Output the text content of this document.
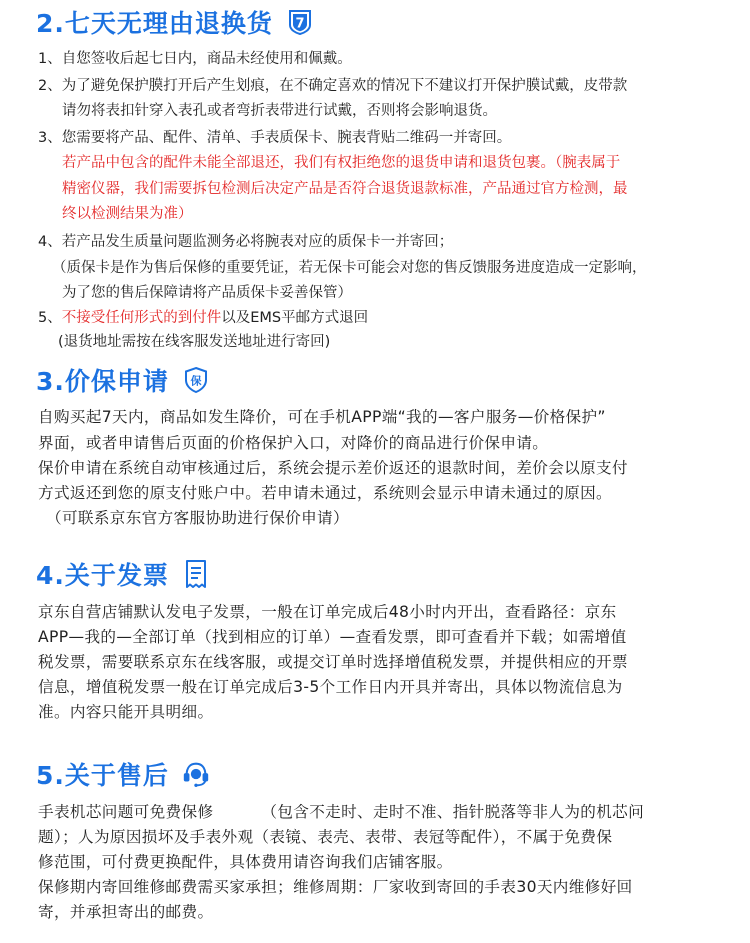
2.七天无理由退换货 7
1、自您签收后起七日内，商品未经使用和佩戴。
2、为了避免保护膜打开后产生划痕，在不确定喜欢的情况下不建议打开保护膜试戴，皮带款
请勿将表扣针穿入表孔或者弯折表带进行试戴，否则将会影响退货。
3、您需要将产品、配件、清单、手表质保卡、腕表背贴二维码一并寄回。
若产品中包含的配件未能全部退还，我们有权拒绝您的退货申请和退货包裹。（腕表属于
精密仪器，我们需要拆包检测后决定产品是否符合退货退款标准，产品通过官方检测，最
终以检测结果为准）
4、若产品发生质量问题监测务必将腕表对应的质保卡一并寄回；
（质保卡是作为售后保修的重要凭证，若无保卡可能会对您的售反馈服务进度造成一定影响，
为了您的售后保障请将产品质保卡妥善保管）
5、不接受任何形式的到付件以及EMS平邮方式退回
(退货地址需按在线客服发送地址进行寄回)
3.价保申请 保
自购买起7天内，商品如发生降价，可在手机APP端“我的—客户服务—价格保护”
界面，或者申请售后页面的价格保护入口，对降价的商品进行价保申请。
保价申请在系统自动审核通过后，系统会提示差价返还的退款时间，差价会以原支付
方式返还到您的原支付账户中。若申请未通过，系统则会显示申请未通过的原因。
（可联系京东官方客服协助进行保价申请）
4.关于发票
京东自营店铺默认发电子发票，一般在订单完成后48小时内开出，查看路径：京东
APP—我的—全部订单（找到相应的订单）—查看发票，即可查看并下载；如需增值
税发票，需要联系京东在线客服，或提交订单时选择增值税发票，并提供相应的开票
信息，增值税发票一般在订单完成后3-5个工作日内开具并寄出，具体以物流信息为
准。内容只能开具明细。
5.关于售后
手表机芯问题可免费保修	（包含不走时、走时不准、指针脱落等非人为的机芯问
题）；人为原因损坏及手表外观（表镜、表壳、表带、表冠等配件），不属于免费保
修范围，可付费更换配件，具体费用请咨询我们店铺客服。
保修期内寄回维修邮费需买家承担；维修周期：厂家收到寄回的手表30天内维修好回
寄，并承担寄出的邮费。
